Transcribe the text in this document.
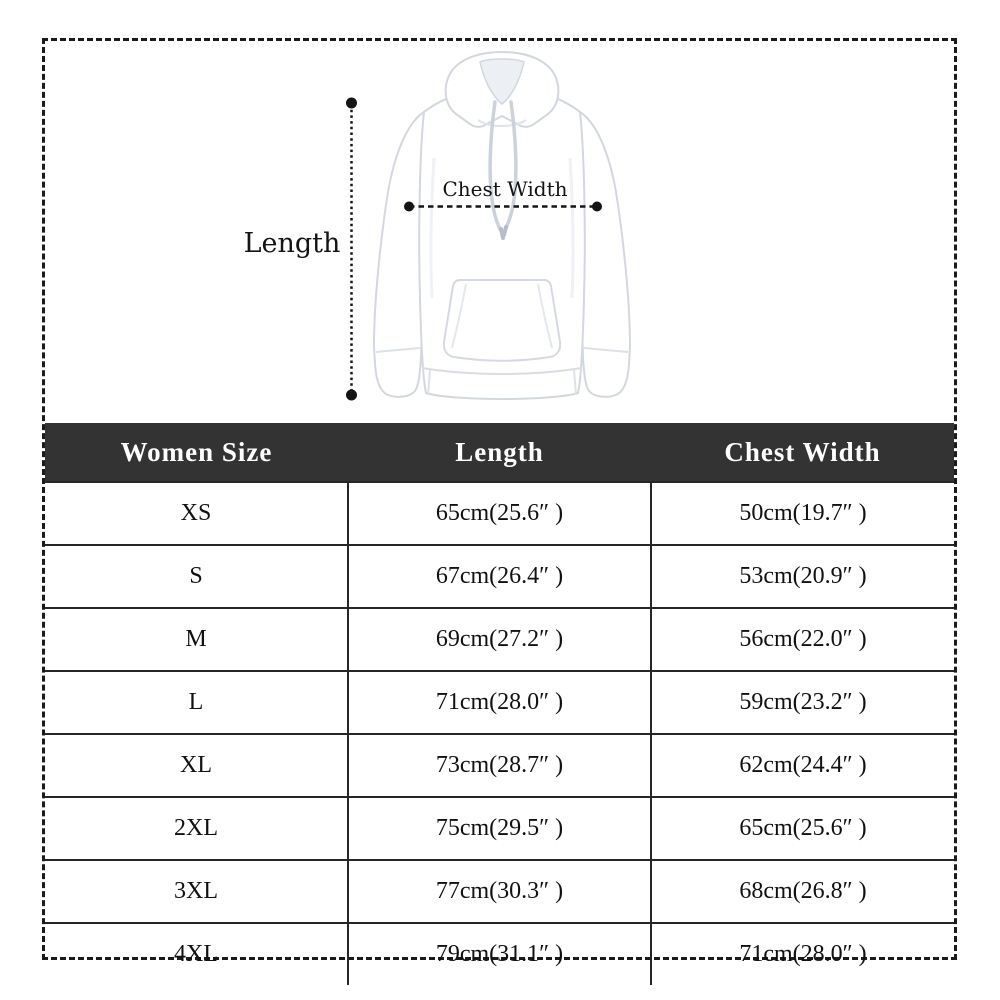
Length
Chest Width
Women Size	Length	Chest Width
XS	65cm(25.6″ )	50cm(19.7″ )
S	67cm(26.4″ )	53cm(20.9″ )
M	69cm(27.2″ )	56cm(22.0″ )
L	71cm(28.0″ )	59cm(23.2″ )
XL	73cm(28.7″ )	62cm(24.4″ )
2XL	75cm(29.5″ )	65cm(25.6″ )
3XL	77cm(30.3″ )	68cm(26.8″ )
4XL	79cm(31.1″ )	71cm(28.0″ )
